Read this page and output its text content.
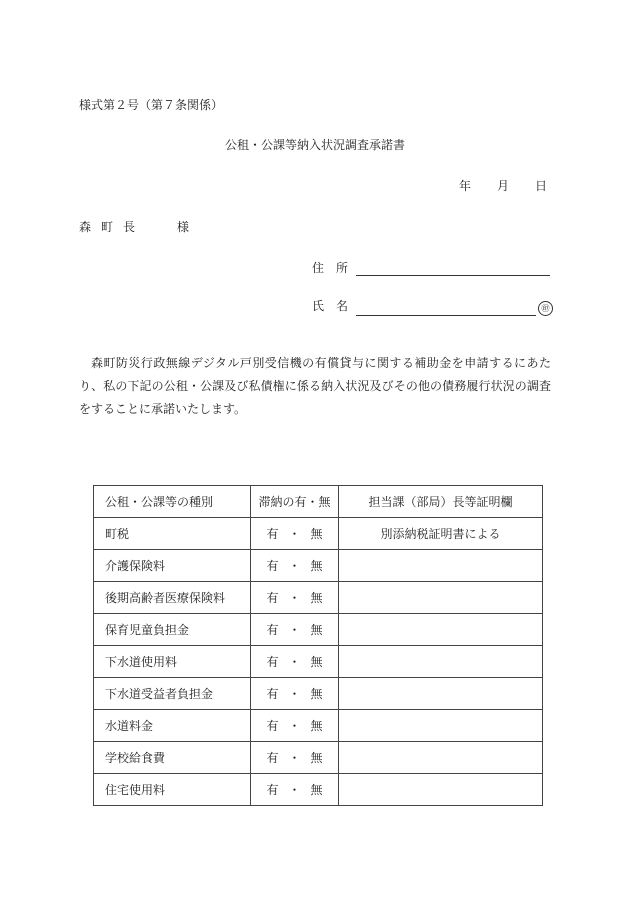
様式第２号（第７条関係）
公租・公課等納入状況調査承諾書
年 月 日
森町長	様
住所
氏名	㊞
森町防災行政無線デジタル戸別受信機の有償貸与に関する補助金を申請するにあたり、私の下記の公租・公課及び私債権に係る納入状況及びその他の債務履行状況の調査をすることに承諾いたします。
公租・公課等の種別	滞納の有・無	担当課（部局）長等証明欄
町税	有 ・ 無	別添納税証明書による
介護保険料	有 ・ 無	
後期高齢者医療保険料	有 ・ 無	
保育児童負担金	有 ・ 無	
下水道使用料	有 ・ 無	
下水道受益者負担金	有 ・ 無	
水道料金	有 ・ 無	
学校給食費	有 ・ 無	
住宅使用料	有 ・ 無	
